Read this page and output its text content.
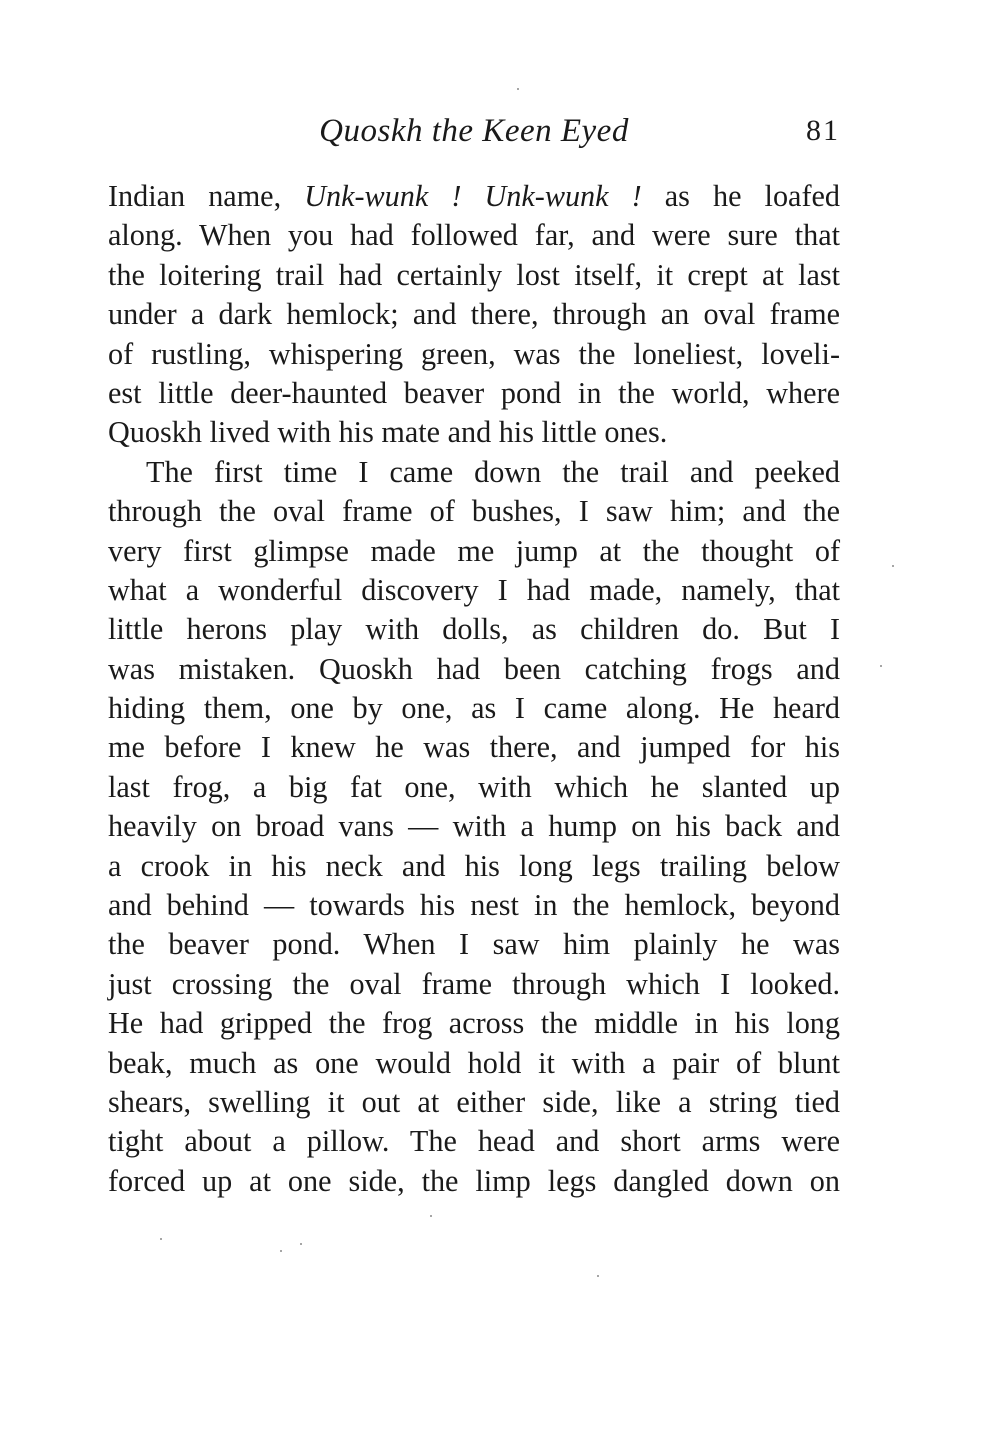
Quoskh the Keen Eyed	81
Indian name, Unk-wunk ! Unk-wunk ! as he loafed
along. When you had followed far, and were sure that
the loitering trail had certainly lost itself, it crept at last
under a dark hemlock; and there, through an oval frame
of rustling, whispering green, was the loneliest, loveli-
est little deer-haunted beaver pond in the world, where
Quoskh lived with his mate and his little ones.
The first time I came down the trail and peeked
through the oval frame of bushes, I saw him; and the
very first glimpse made me jump at the thought of
what a wonderful discovery I had made, namely, that
little herons play with dolls, as children do. But I
was mistaken. Quoskh had been catching frogs and
hiding them, one by one, as I came along. He heard
me before I knew he was there, and jumped for his
last frog, a big fat one, with which he slanted up
heavily on broad vans — with a hump on his back and
a crook in his neck and his long legs trailing below
and behind — towards his nest in the hemlock, beyond
the beaver pond. When I saw him plainly he was
just crossing the oval frame through which I looked.
He had gripped the frog across the middle in his long
beak, much as one would hold it with a pair of blunt
shears, swelling it out at either side, like a string tied
tight about a pillow. The head and short arms were
forced up at one side, the limp legs dangled down on
